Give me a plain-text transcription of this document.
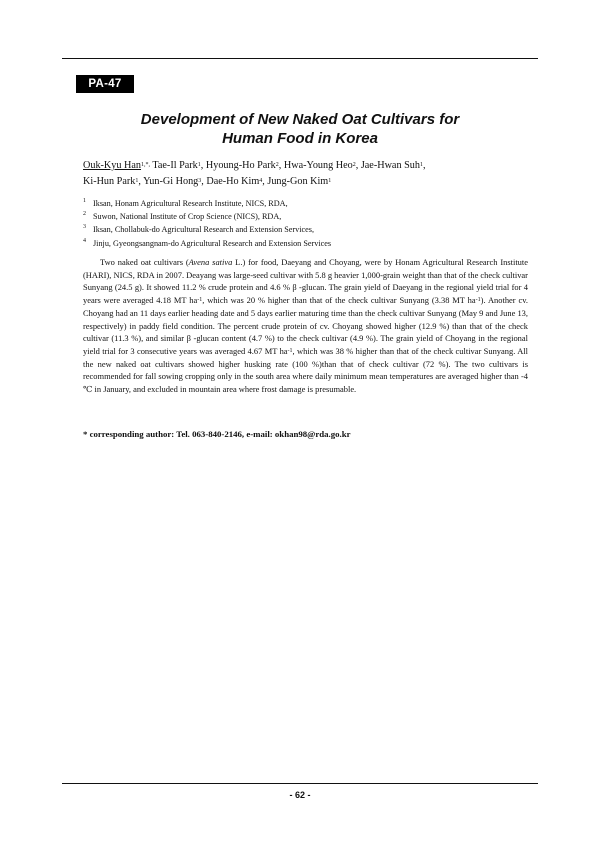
PA-47
Development of New Naked Oat Cultivars for
Human Food in Korea
Ouk-Kyu Han$^{1,*,}$ Tae-Il Park$^1$, Hyoung-Ho Park$^2$, Hwa-Young Heo$^2$, Jae-Hwan Suh$^1$,
Ki-Hun Park$^1$, Yun-Gi Hong$^3$, Dae-Ho Kim$^4$, Jung-Gon Kim$^1$
1 Iksan, Honam Agricultural Research Institute, NICS, RDA,
2 Suwon, National Institute of Crop Science (NICS), RDA,
3 Iksan, Chollabuk-do Agricultural Research and Extension Services,
4 Jinju, Gyeongsangnam-do Agricultural Research and Extension Services

Two naked oat cultivars (Avena sativa L.) for food, Daeyang and Choyang, were by Honam Agricultural Research Institute (HARI), NICS, RDA in 2007. Deayang was large-seed cultivar with 5.8 g heavier 1,000-grain weight than that of the check cultivar Sunyang (24.5 g). It showed 11.2 % crude protein and 4.6 % β -glucan. The grain yield of Daeyang in the regional yield trial for 4 years were averaged 4.18 MT $ha^{-1}$, which was 20 % higher than that of the check cultivar Sunyang (3.38 MT $ha^{-1}$). Another cv. Choyang had an 11 days earlier heading date and 5 days earlier maturing time than the check cultivar Sunyang (May 9 and June 13, respectively) in paddy field condition. The percent crude protein of cv. Choyang showed higher (12.9 %) than that of the check cultivar (11.3 %), and similar β -glucan content (4.7 %) to the check cultivar (4.9 %). The grain yield of Choyang in the regional yield trial for 3 consecutive years was averaged 4.67 MT $ha^{-1}$, which was 38 % higher than that of the check cultivar Sunyang. All the new naked oat cultivars showed higher husking rate (100 %)than that of check cultivar (72 %). The two cultivars is recommended for fall sowing cropping only in the south area where daily minimum mean temperatures are averaged higher than -4 ℃ in January, and excluded in mountain area where frost damage is presumable.

* corresponding author: Tel. 063-840-2146, e-mail: okhan98@rda.go.kr
- 62 -
